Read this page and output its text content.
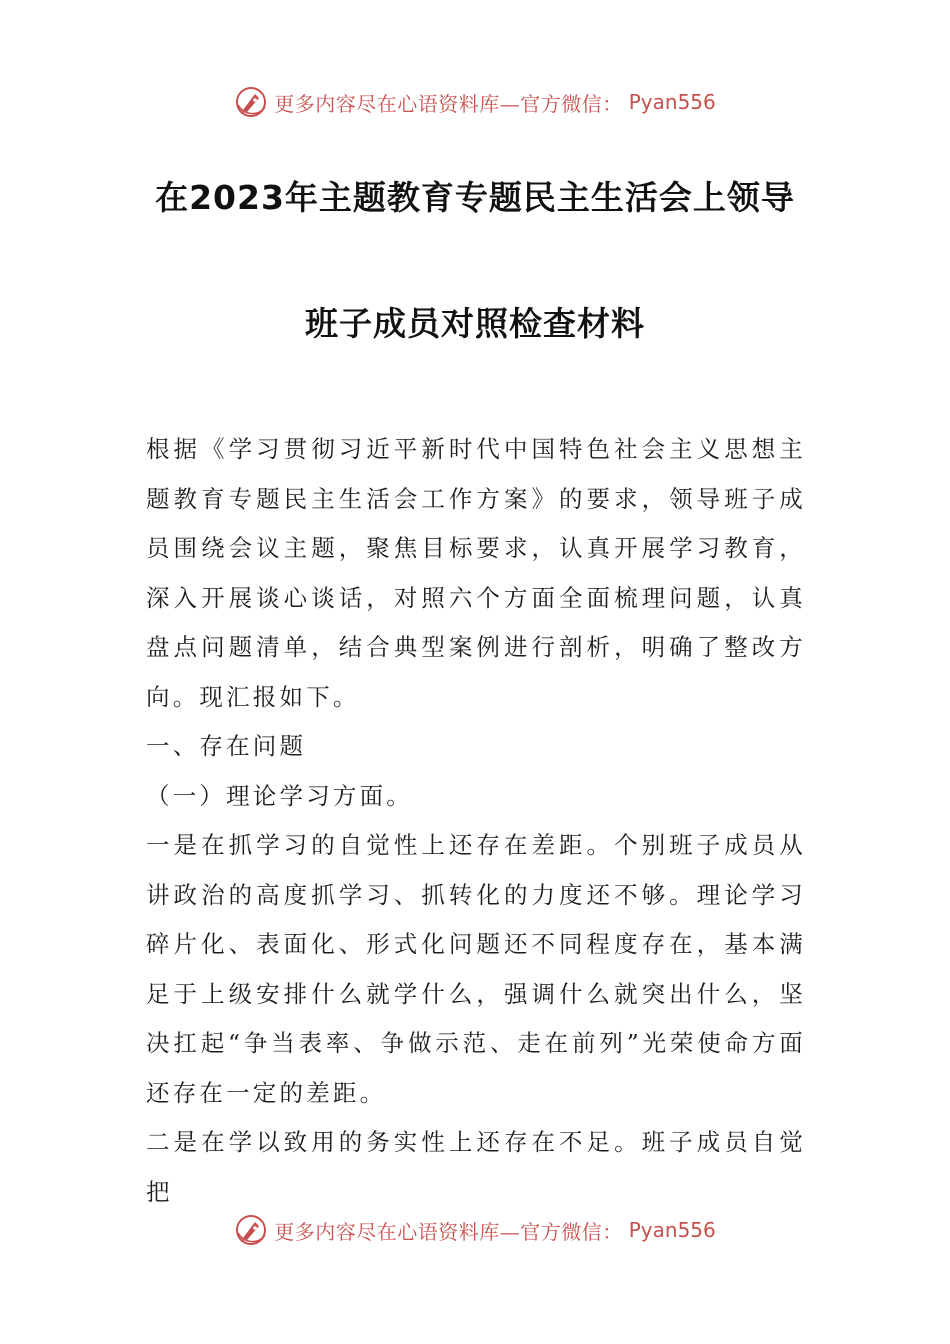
更多内容尽在心语资料库—官方微信： Pyan556
在2023年主题教育专题民主生活会上领导
班子成员对照检查材料

根据《学习贯彻习近平新时代中国特色社会主义思想主题教育专题民主生活会工作方案》的要求，领导班子成员围绕会议主题，聚焦目标要求，认真开展学习教育，深入开展谈心谈话，对照六个方面全面梳理问题，认真盘点问题清单，结合典型案例进行剖析，明确了整改方向。现汇报如下。

一、存在问题

（一）理论学习方面。

一是在抓学习的自觉性上还存在差距。个别班子成员从讲政治的高度抓学习、抓转化的力度还不够。理论学习碎片化、表面化、形式化问题还不同程度存在，基本满足于上级安排什么就学什么，强调什么就突出什么，坚决扛起“争当表率、争做示范、走在前列”光荣使命方面还存在一定的差距。

二是在学以致用的务实性上还存在不足。班子成员自觉把

更多内容尽在心语资料库—官方微信： Pyan556
